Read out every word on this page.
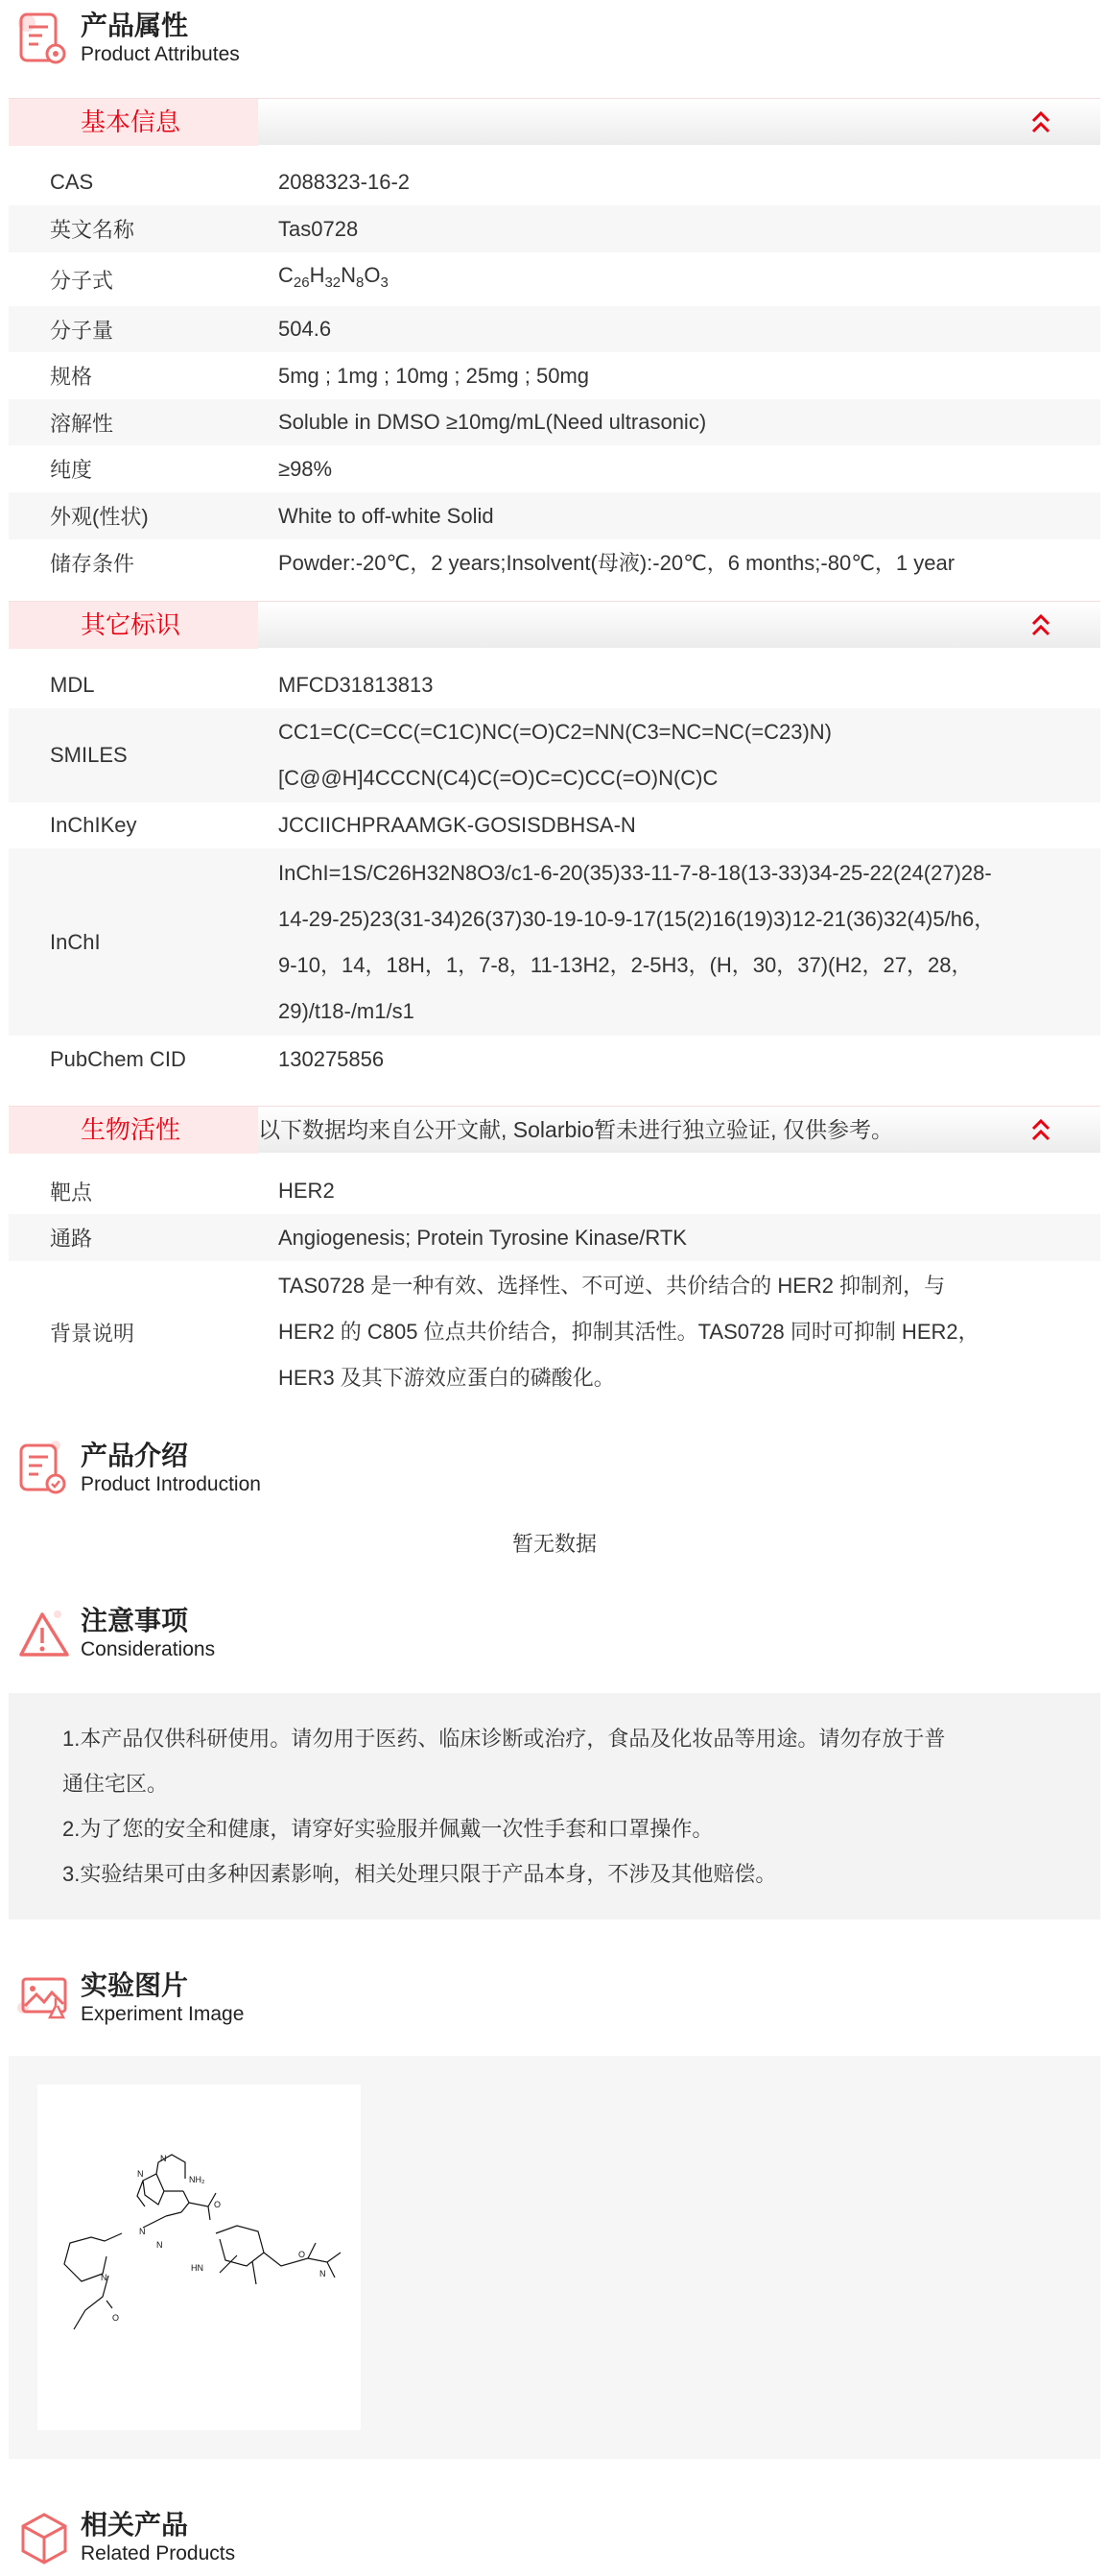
产品属性
Product Attributes
基本信息
CAS	2088323-16-2
英文名称	Tas0728
分子式	$C_{26}H_{32}N_8O_3$
分子量	504.6
规格	5mg ; 1mg ; 10mg ; 25mg ; 50mg
溶解性	Soluble in DMSO ≥10mg/mL(Need ultrasonic)
纯度	≥98%
外观(性状)	White to off-white Solid
储存条件	Powder:-20℃，2 years;Insolvent(母液):-20℃，6 months;-80℃，1 year
其它标识
MDL	MFCD31813813
SMILES
CC1=C(C=CC(=C1C)NC(=O)C2=NN(C3=NC=NC(=C23)N)
[C@@H]4CCCN(C4)C(=O)C=C)CC(=O)N(C)C
InChIKey	JCCIICHPRAAMGK-GOSISDBHSA-N
InChI
InChI=1S/C26H32N8O3/c1-6-20(35)33-11-7-8-18(13-33)34-25-22(24(27)28-
14-29-25)23(31-34)26(37)30-19-10-9-17(15(2)16(19)3)12-21(36)32(4)5/h6，
9-10，14，18H，1，7-8，11-13H2，2-5H3，(H，30，37)(H2，27，28，
29)/t18-/m1/s1
PubChem CID	130275856
生物活性	以下数据均来自公开文献, Solarbio暂未进行独立验证, 仅供参考。
靶点	HER2
通路	Angiogenesis; Protein Tyrosine Kinase/RTK
背景说明
TAS0728 是一种有效、选择性、不可逆、共价结合的 HER2 抑制剂，与
HER2 的 C805 位点共价结合，抑制其活性。TAS0728 同时可抑制 HER2，
HER3 及其下游效应蛋白的磷酸化。
产品介绍
Product Introduction
暂无数据
注意事项
Considerations

1.本产品仅供科研使用。请勿用于医药、临床诊断或治疗，食品及化妆品等用途。请勿存放于普

通住宅区。

2.为了您的安全和健康，请穿好实验服并佩戴一次性手套和口罩操作。

3.实验结果可由多种因素影响，相关处理只限于产品本身，不涉及其他赔偿。

实验图片
Experiment Image
N
N
NH₂
O
N
N
HN
O
N
O
N
相关产品
Related Products
